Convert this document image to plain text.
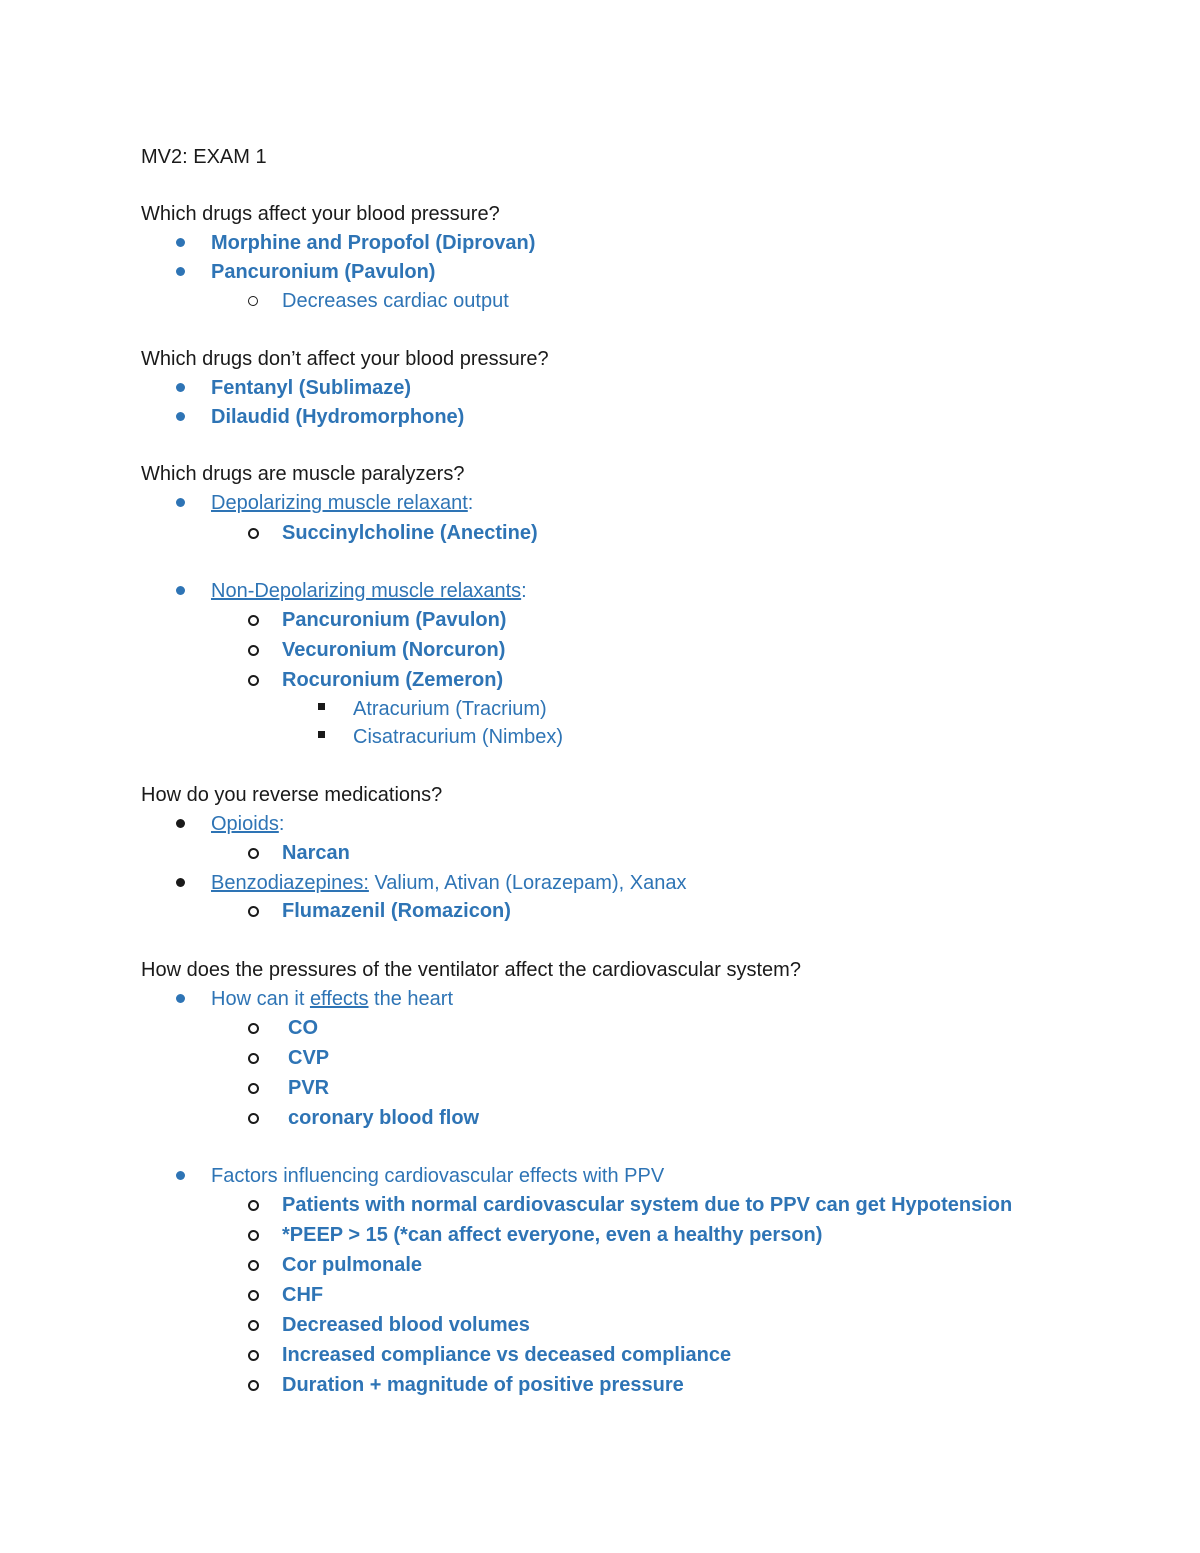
MV2: EXAM 1
Which drugs affect your blood pressure?
Morphine and Propofol (Diprovan)
Pancuronium (Pavulon)
Decreases cardiac output
Which drugs don’t affect your blood pressure?
Fentanyl (Sublimaze)
Dilaudid (Hydromorphone)
Which drugs are muscle paralyzers?
Depolarizing muscle relaxant:
Succinylcholine (Anectine)
Non-Depolarizing muscle relaxants:
Pancuronium (Pavulon)
Vecuronium (Norcuron)
Rocuronium (Zemeron)
Atracurium (Tracrium)
Cisatracurium (Nimbex)
How do you reverse medications?
Opioids:
Narcan
Benzodiazepines: Valium, Ativan (Lorazepam), Xanax
Flumazenil (Romazicon)
How does the pressures of the ventilator affect the cardiovascular system?
How can it effects the heart
CO
CVP
PVR
coronary blood flow
Factors influencing cardiovascular effects with PPV
Patients with normal cardiovascular system due to PPV can get Hypotension
*PEEP > 15 (*can affect everyone, even a healthy person)
Cor pulmonale
CHF
Decreased blood volumes
Increased compliance vs deceased compliance
Duration + magnitude of positive pressure
